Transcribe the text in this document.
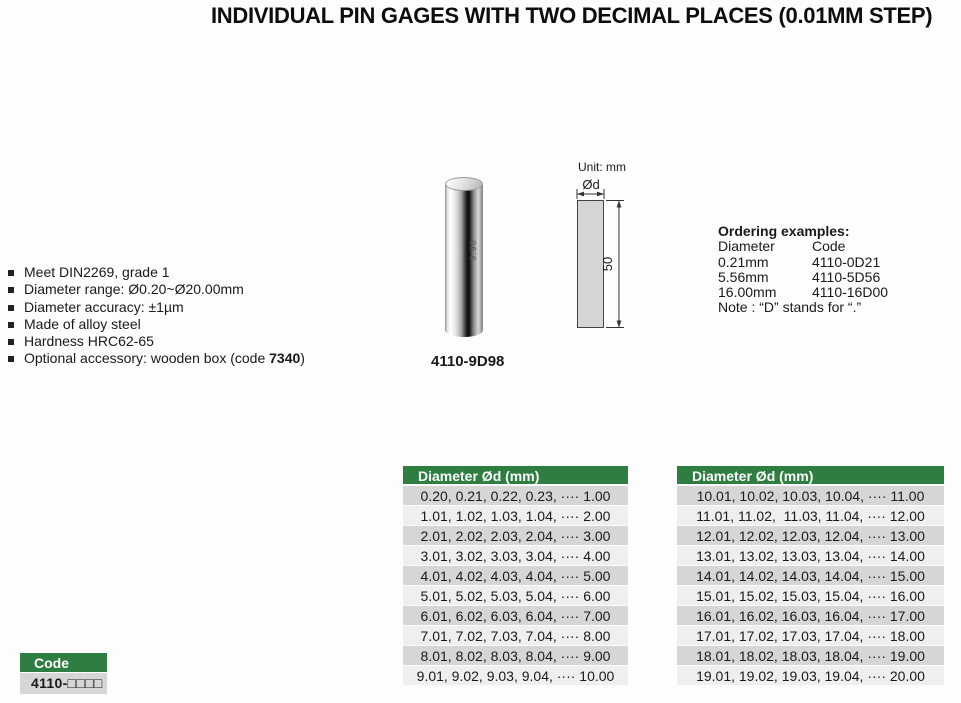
INDIVIDUAL PIN GAGES WITH TWO DECIMAL PLACES (0.01MM STEP)
Meet DIN2269, grade 1
Diameter range: Ø0.20~Ø20.00mm
Diameter accuracy: ±1µm
Made of alloy steel
Hardness HRC62-65
Optional accessory: wooden box (code 7340)
9.98
4110-9D98
Unit: mm
Ød
50
Ordering examples:
Diameter	Code
0.21mm	4110-0D21
5.56mm	4110-5D56
16.00mm	4110-16D00
Note : “D” stands for “.”
Diameter Ød (mm)
0.20, 0.21, 0.22, 0.23, ···· 1.00
1.01, 1.02, 1.03, 1.04, ···· 2.00
2.01, 2.02, 2.03, 2.04, ···· 3.00
3.01, 3.02, 3.03, 3.04, ···· 4.00
4.01, 4.02, 4.03, 4.04, ···· 5.00
5.01, 5.02, 5.03, 5.04, ···· 6.00
6.01, 6.02, 6.03, 6.04, ···· 7.00
7.01, 7.02, 7.03, 7.04, ···· 8.00
8.01, 8.02, 8.03, 8.04, ···· 9.00
9.01, 9.02, 9.03, 9.04, ···· 10.00
Diameter Ød (mm)
10.01, 10.02, 10.03, 10.04, ···· 11.00
11.01, 11.02,  11.03, 11.04, ···· 12.00
12.01, 12.02, 12.03, 12.04, ···· 13.00
13.01, 13.02, 13.03, 13.04, ···· 14.00
14.01, 14.02, 14.03, 14.04, ···· 15.00
15.01, 15.02, 15.03, 15.04, ···· 16.00
16.01, 16.02, 16.03, 16.04, ···· 17.00
17.01, 17.02, 17.03, 17.04, ···· 18.00
18.01, 18.02, 18.03, 18.04, ···· 19.00
19.01, 19.02, 19.03, 19.04, ···· 20.00
Code
4110-□□□□
